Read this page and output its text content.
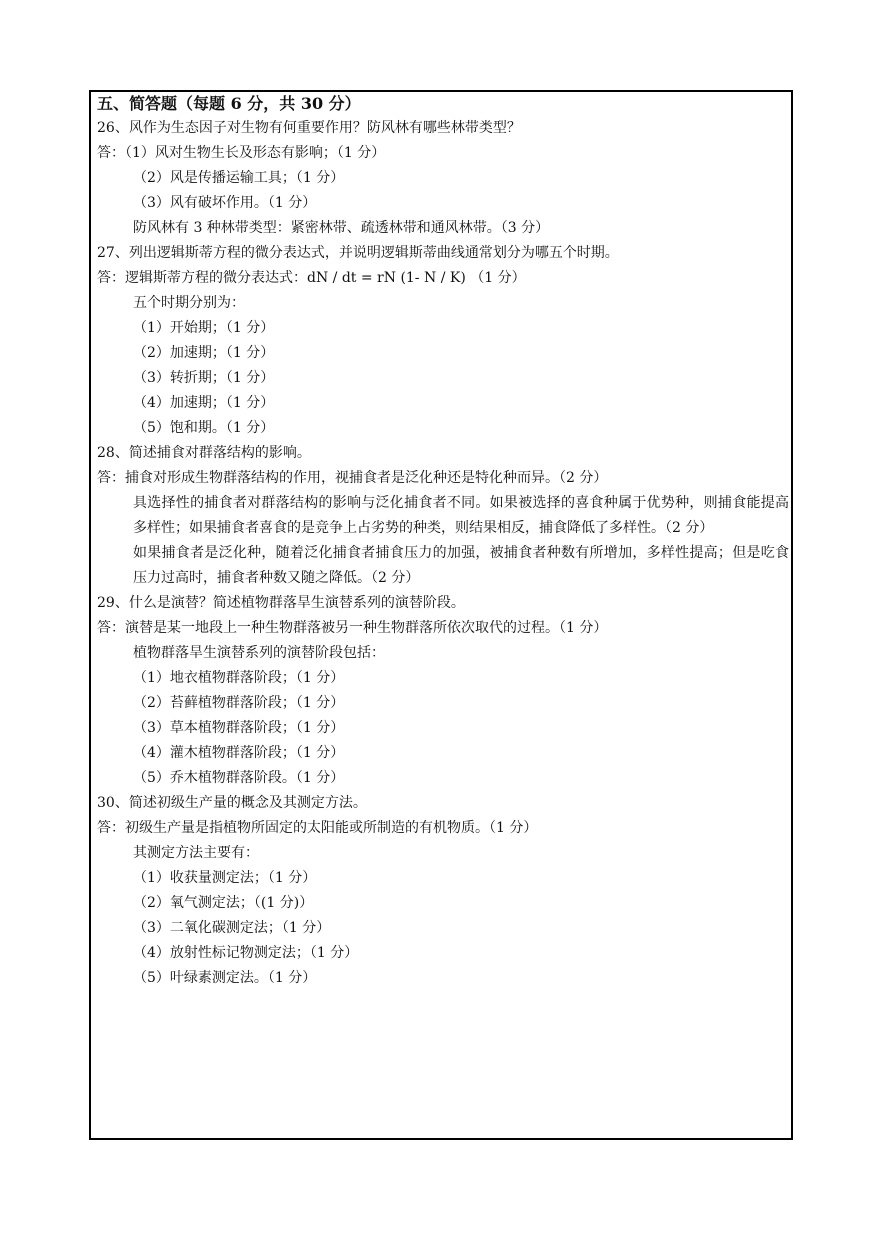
五、简答题（每题 6 分，共 30 分）
26、风作为生态因子对生物有何重要作用？防风林有哪些林带类型？
答：（1）风对生物生长及形态有影响；（1 分）
（2）风是传播运输工具；（1 分）
（3）风有破坏作用。（1 分）
防风林有 3 种林带类型：紧密林带、疏透林带和通风林带。（3 分）
27、列出逻辑斯蒂方程的微分表达式，并说明逻辑斯蒂曲线通常划分为哪五个时期。
答：逻辑斯蒂方程的微分表达式：dN / dt = rN (1- N / K) （1 分）
五个时期分别为：
（1）开始期；（1 分）
（2）加速期；（1 分）
（3）转折期；（1 分）
（4）加速期；（1 分）
（5）饱和期。（1 分）
28、简述捕食对群落结构的影响。
答：捕食对形成生物群落结构的作用，视捕食者是泛化种还是特化种而异。（2 分）
具选择性的捕食者对群落结构的影响与泛化捕食者不同。如果被选择的喜食种属于优势种，则捕食能提高多样性；如果捕食者喜食的是竞争上占劣势的种类，则结果相反，捕食降低了多样性。（2 分）
如果捕食者是泛化种，随着泛化捕食者捕食压力的加强，被捕食者种数有所增加，多样性提高；但是吃食压力过高时，捕食者种数又随之降低。（2 分）
29、什么是演替？简述植物群落旱生演替系列的演替阶段。
答：演替是某一地段上一种生物群落被另一种生物群落所依次取代的过程。（1 分）
植物群落旱生演替系列的演替阶段包括：
（1）地衣植物群落阶段；（1 分）
（2）苔藓植物群落阶段；（1 分）
（3）草本植物群落阶段；（1 分）
（4）灌木植物群落阶段；（1 分）
（5）乔木植物群落阶段。（1 分）
30、简述初级生产量的概念及其测定方法。
答：初级生产量是指植物所固定的太阳能或所制造的有机物质。（1 分）
其测定方法主要有：
（1）收获量测定法；（1 分）
（2）氧气测定法；（(1 分)）
（3）二氧化碳测定法；（1 分）
（4）放射性标记物测定法；（1 分）
（5）叶绿素测定法。（1 分）
